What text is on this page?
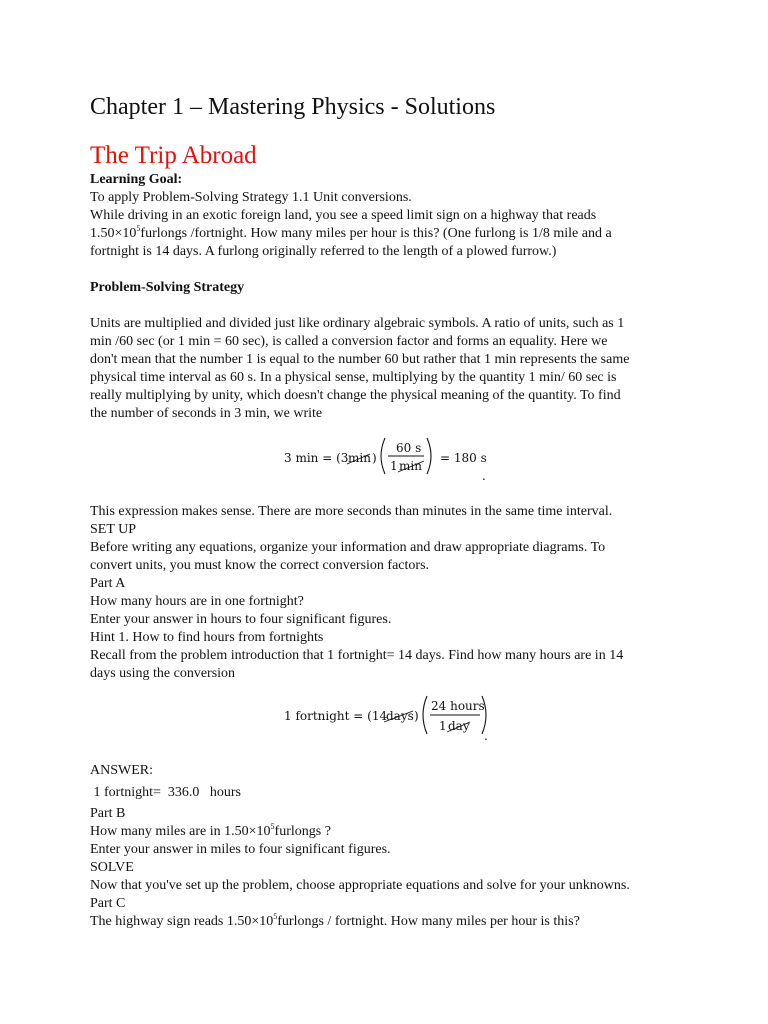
Chapter 1 – Mastering Physics - Solutions
The Trip Abroad
Learning Goal:
To apply Problem-Solving Strategy 1.1 Unit conversions.
While driving in an exotic foreign land, you see a speed limit sign on a highway that reads
$1.50\times 10^5furlongs$ /fortnight. How many miles per hour is this? (One furlong is 1/8 mile and a
fortnight is 14 days. A furlong originally referred to the length of a plowed furrow.)
Problem-Solving Strategy
Units are multiplied and divided just like ordinary algebraic symbols. A ratio of units, such as 1
min /60 sec (or 1 min = 60 sec), is called a conversion factor and forms an equality. Here we
don't mean that the number 1 is equal to the number 60 but rather that 1 min represents the same
physical time interval as 60 s. In a physical sense, multiplying by the quantity 1 min/ 60 sec is
really multiplying by unity, which doesn't change the physical meaning of the quantity. To find
the number of seconds in 3 min, we write
3 min = (3 min )
60 s
1 min
= 180 s
.
This expression makes sense. There are more seconds than minutes in the same time interval.
SET UP
Before writing any equations, organize your information and draw appropriate diagrams. To
convert units, you must know the correct conversion factors.
Part A
How many hours are in one fortnight?
Enter your answer in hours to four significant figures.
Hint 1. How to find hours from fortnights
Recall from the problem introduction that 1 fortnight= 14 days. Find how many hours are in 14
days using the conversion
1 fortnight = (14
days )
24 hours
1 day
.
ANSWER:
1 fortnight=  336.0   hours
Part B
How many miles are in $1.50\times 10^5furlongs$ ?
Enter your answer in miles to four significant figures.
SOLVE
Now that you've set up the problem, choose appropriate equations and solve for your unknowns.
Part C
The highway sign reads $1.50\times 10^5furlongs$ / fortnight. How many miles per hour is this?
